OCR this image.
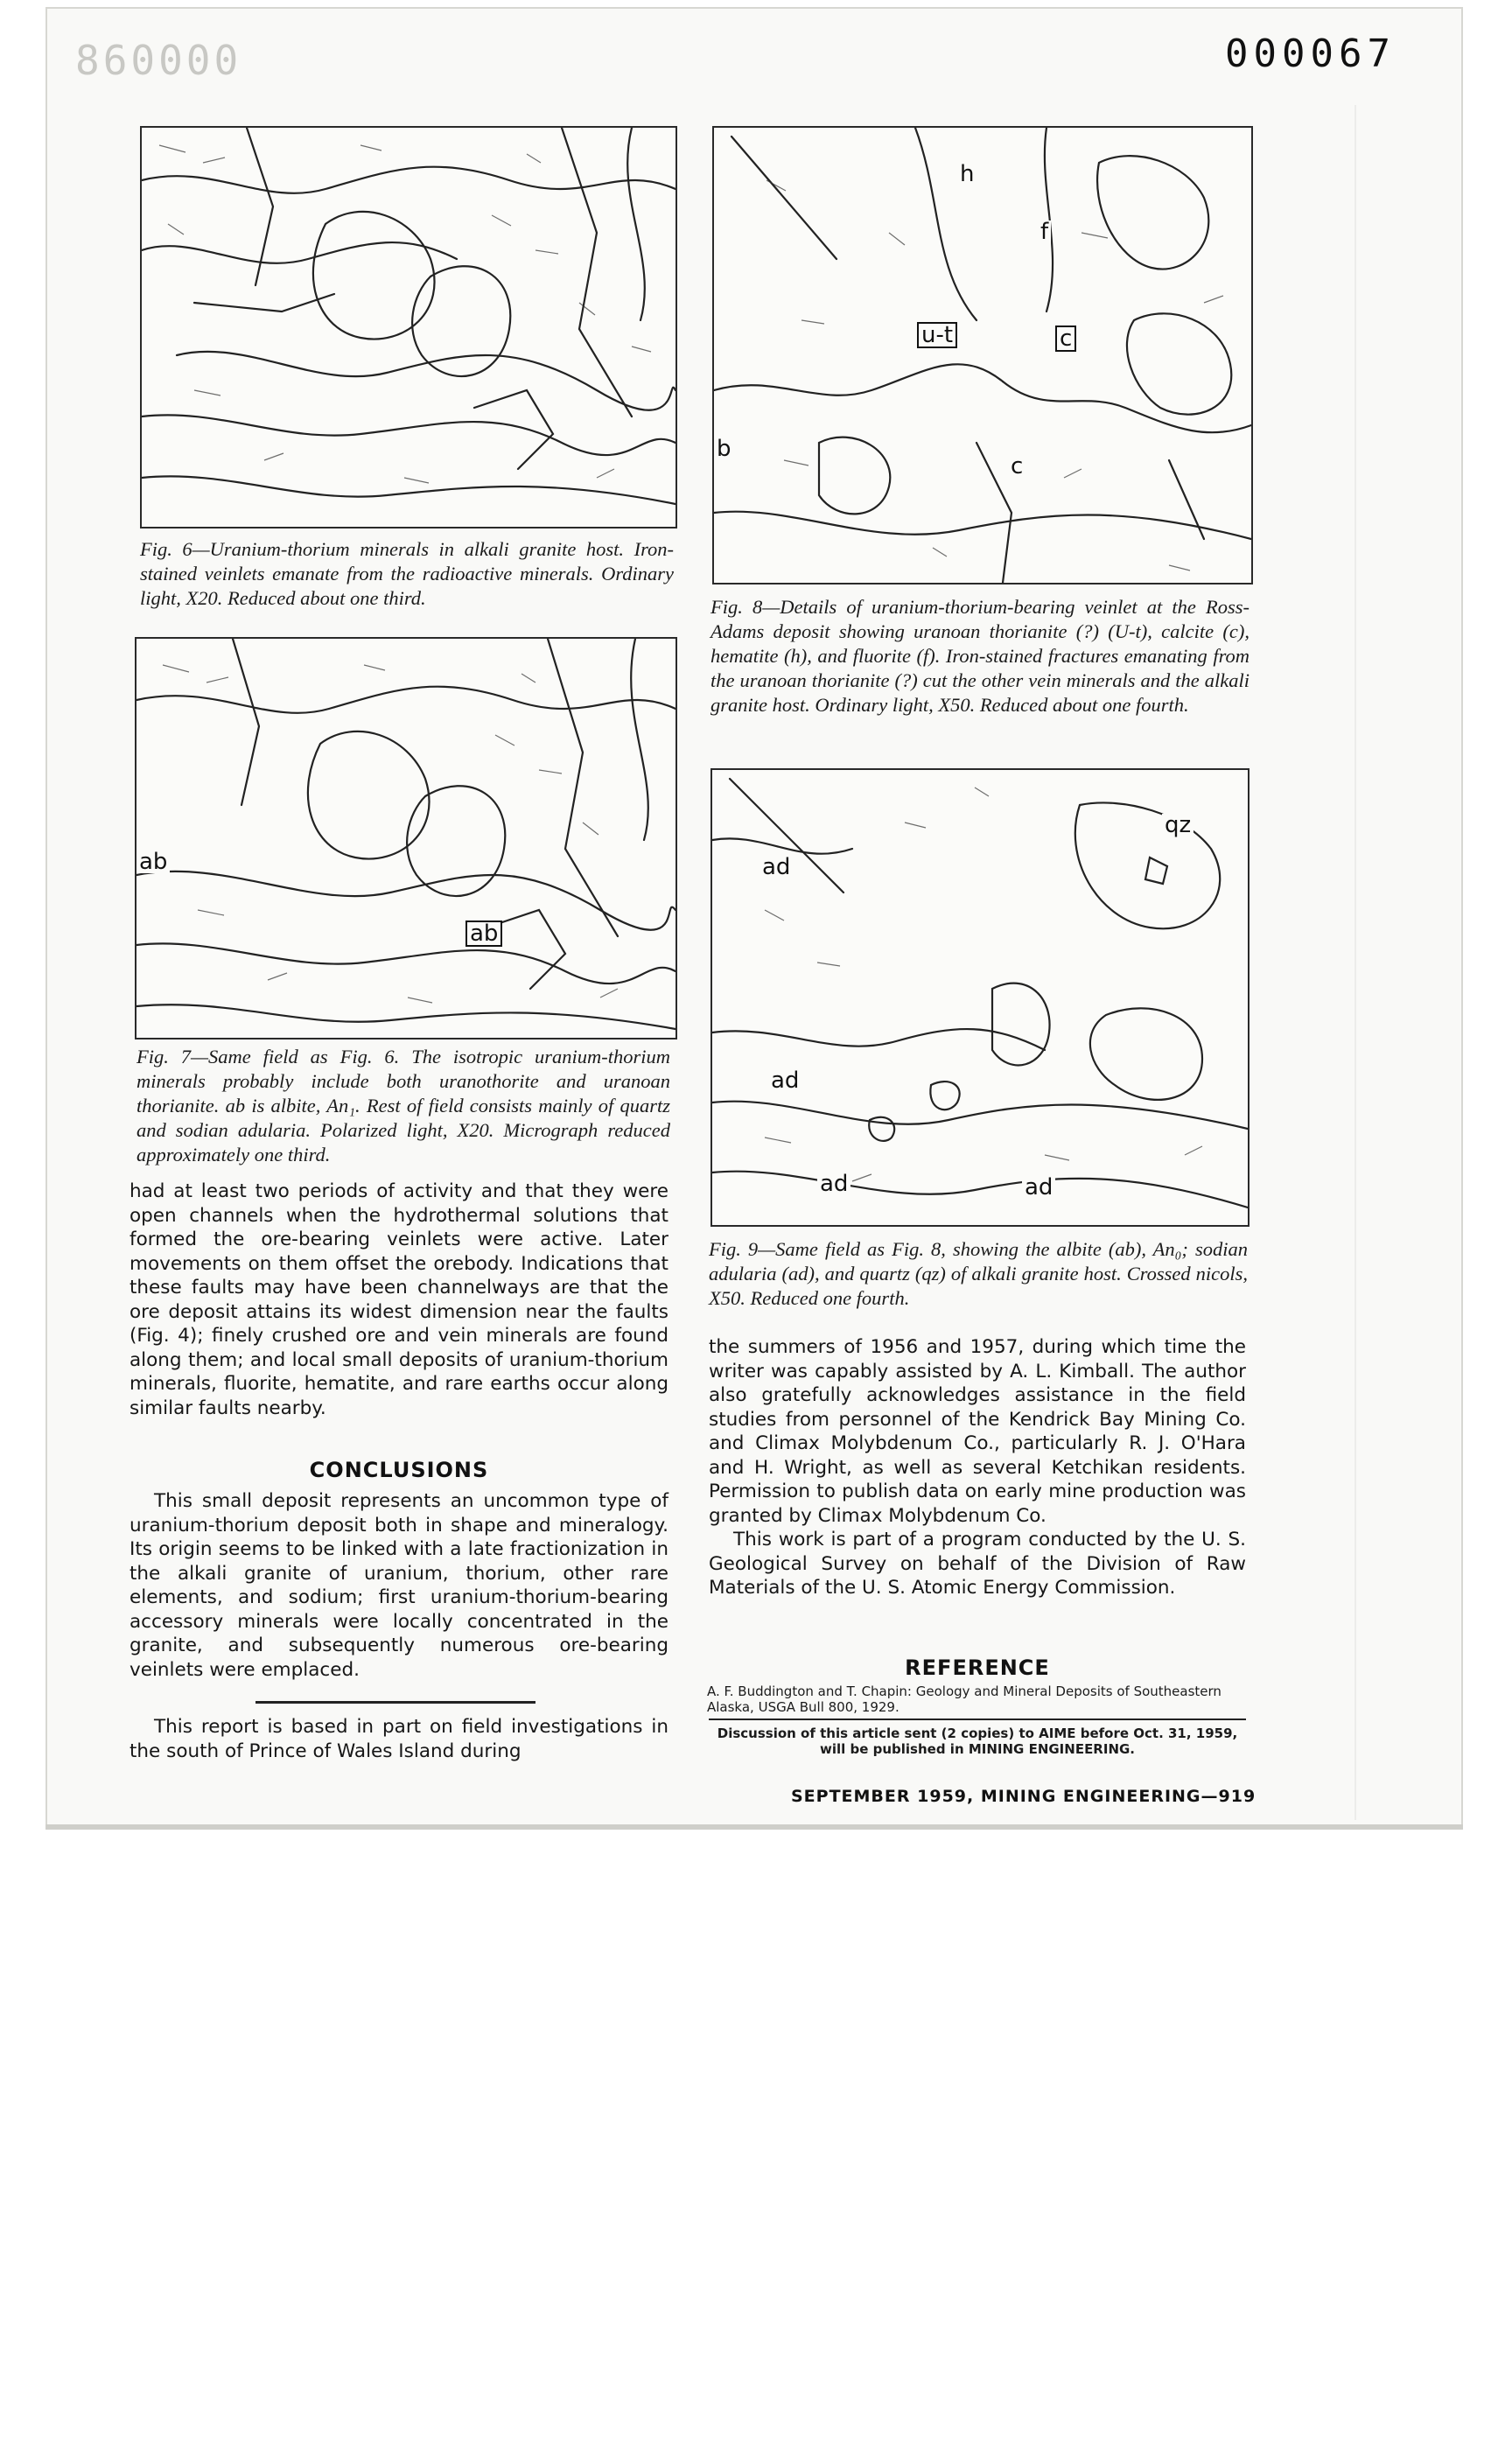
860000	000067
Fig. 6—Uranium-thorium minerals in alkali granite host. Iron-stained veinlets emanate from the radioactive minerals. Ordinary light, X20. Reduced about one third.
ab
ab
Fig. 7—Same field as Fig. 6. The isotropic uranium-thorium minerals probably include both uranothorite and uranoan thorianite. ab is albite, An₁. Rest of field consists mainly of quartz and sodian adularia. Polarized light, X20. Micrograph reduced approximately one third.
h
f
u-t	c
c
b
Fig. 8—Details of uranium-thorium-bearing veinlet at the Ross-Adams deposit showing uranoan thorianite (?) (U-t), calcite (c), hematite (h), and fluorite (f). Iron-stained fractures emanating from the uranoan thorianite (?) cut the other vein minerals and the alkali granite host. Ordinary light, X50. Reduced about one fourth.
ad
qz
ad
ad	ad
Fig. 9—Same field as Fig. 8, showing the albite (ab), An₀; sodian adularia (ad), and quartz (qz) of alkali granite host. Crossed nicols, X50. Reduced one fourth.

had at least two periods of activity and that they were open channels when the hydrothermal solutions that formed the ore-bearing veinlets were active. Later movements on them offset the orebody. Indications that these faults may have been channelways are that the ore deposit attains its widest dimension near the faults (Fig. 4); finely crushed ore and vein minerals are found along them; and local small deposits of uranium-thorium minerals, fluorite, hematite, and rare earths occur along similar faults nearby.

CONCLUSIONS

This small deposit represents an uncommon type of uranium-thorium deposit both in shape and mineralogy. Its origin seems to be linked with a late fractionization in the alkali granite of uranium, thorium, other rare elements, and sodium; first uranium-thorium-bearing accessory minerals were locally concentrated in the granite, and subsequently numerous ore-bearing veinlets were emplaced.

This report is based in part on field investigations in the south of Prince of Wales Island during

the summers of 1956 and 1957, during which time the writer was capably assisted by A. L. Kimball. The author also gratefully acknowledges assistance in the field studies from personnel of the Kendrick Bay Mining Co. and Climax Molybdenum Co., particularly R. J. O'Hara and H. Wright, as well as several Ketchikan residents. Permission to publish data on early mine production was granted by Climax Molybdenum Co.

This work is part of a program conducted by the U. S. Geological Survey on behalf of the Division of Raw Materials of the U. S. Atomic Energy Commission.

REFERENCE
A. F. Buddington and T. Chapin: Geology and Mineral Deposits of Southeastern Alaska, USGA Bull 800, 1929.
Discussion of this article sent (2 copies) to AIME before Oct. 31, 1959, will be published in MINING ENGINEERING.
SEPTEMBER 1959, MINING ENGINEERING—919
